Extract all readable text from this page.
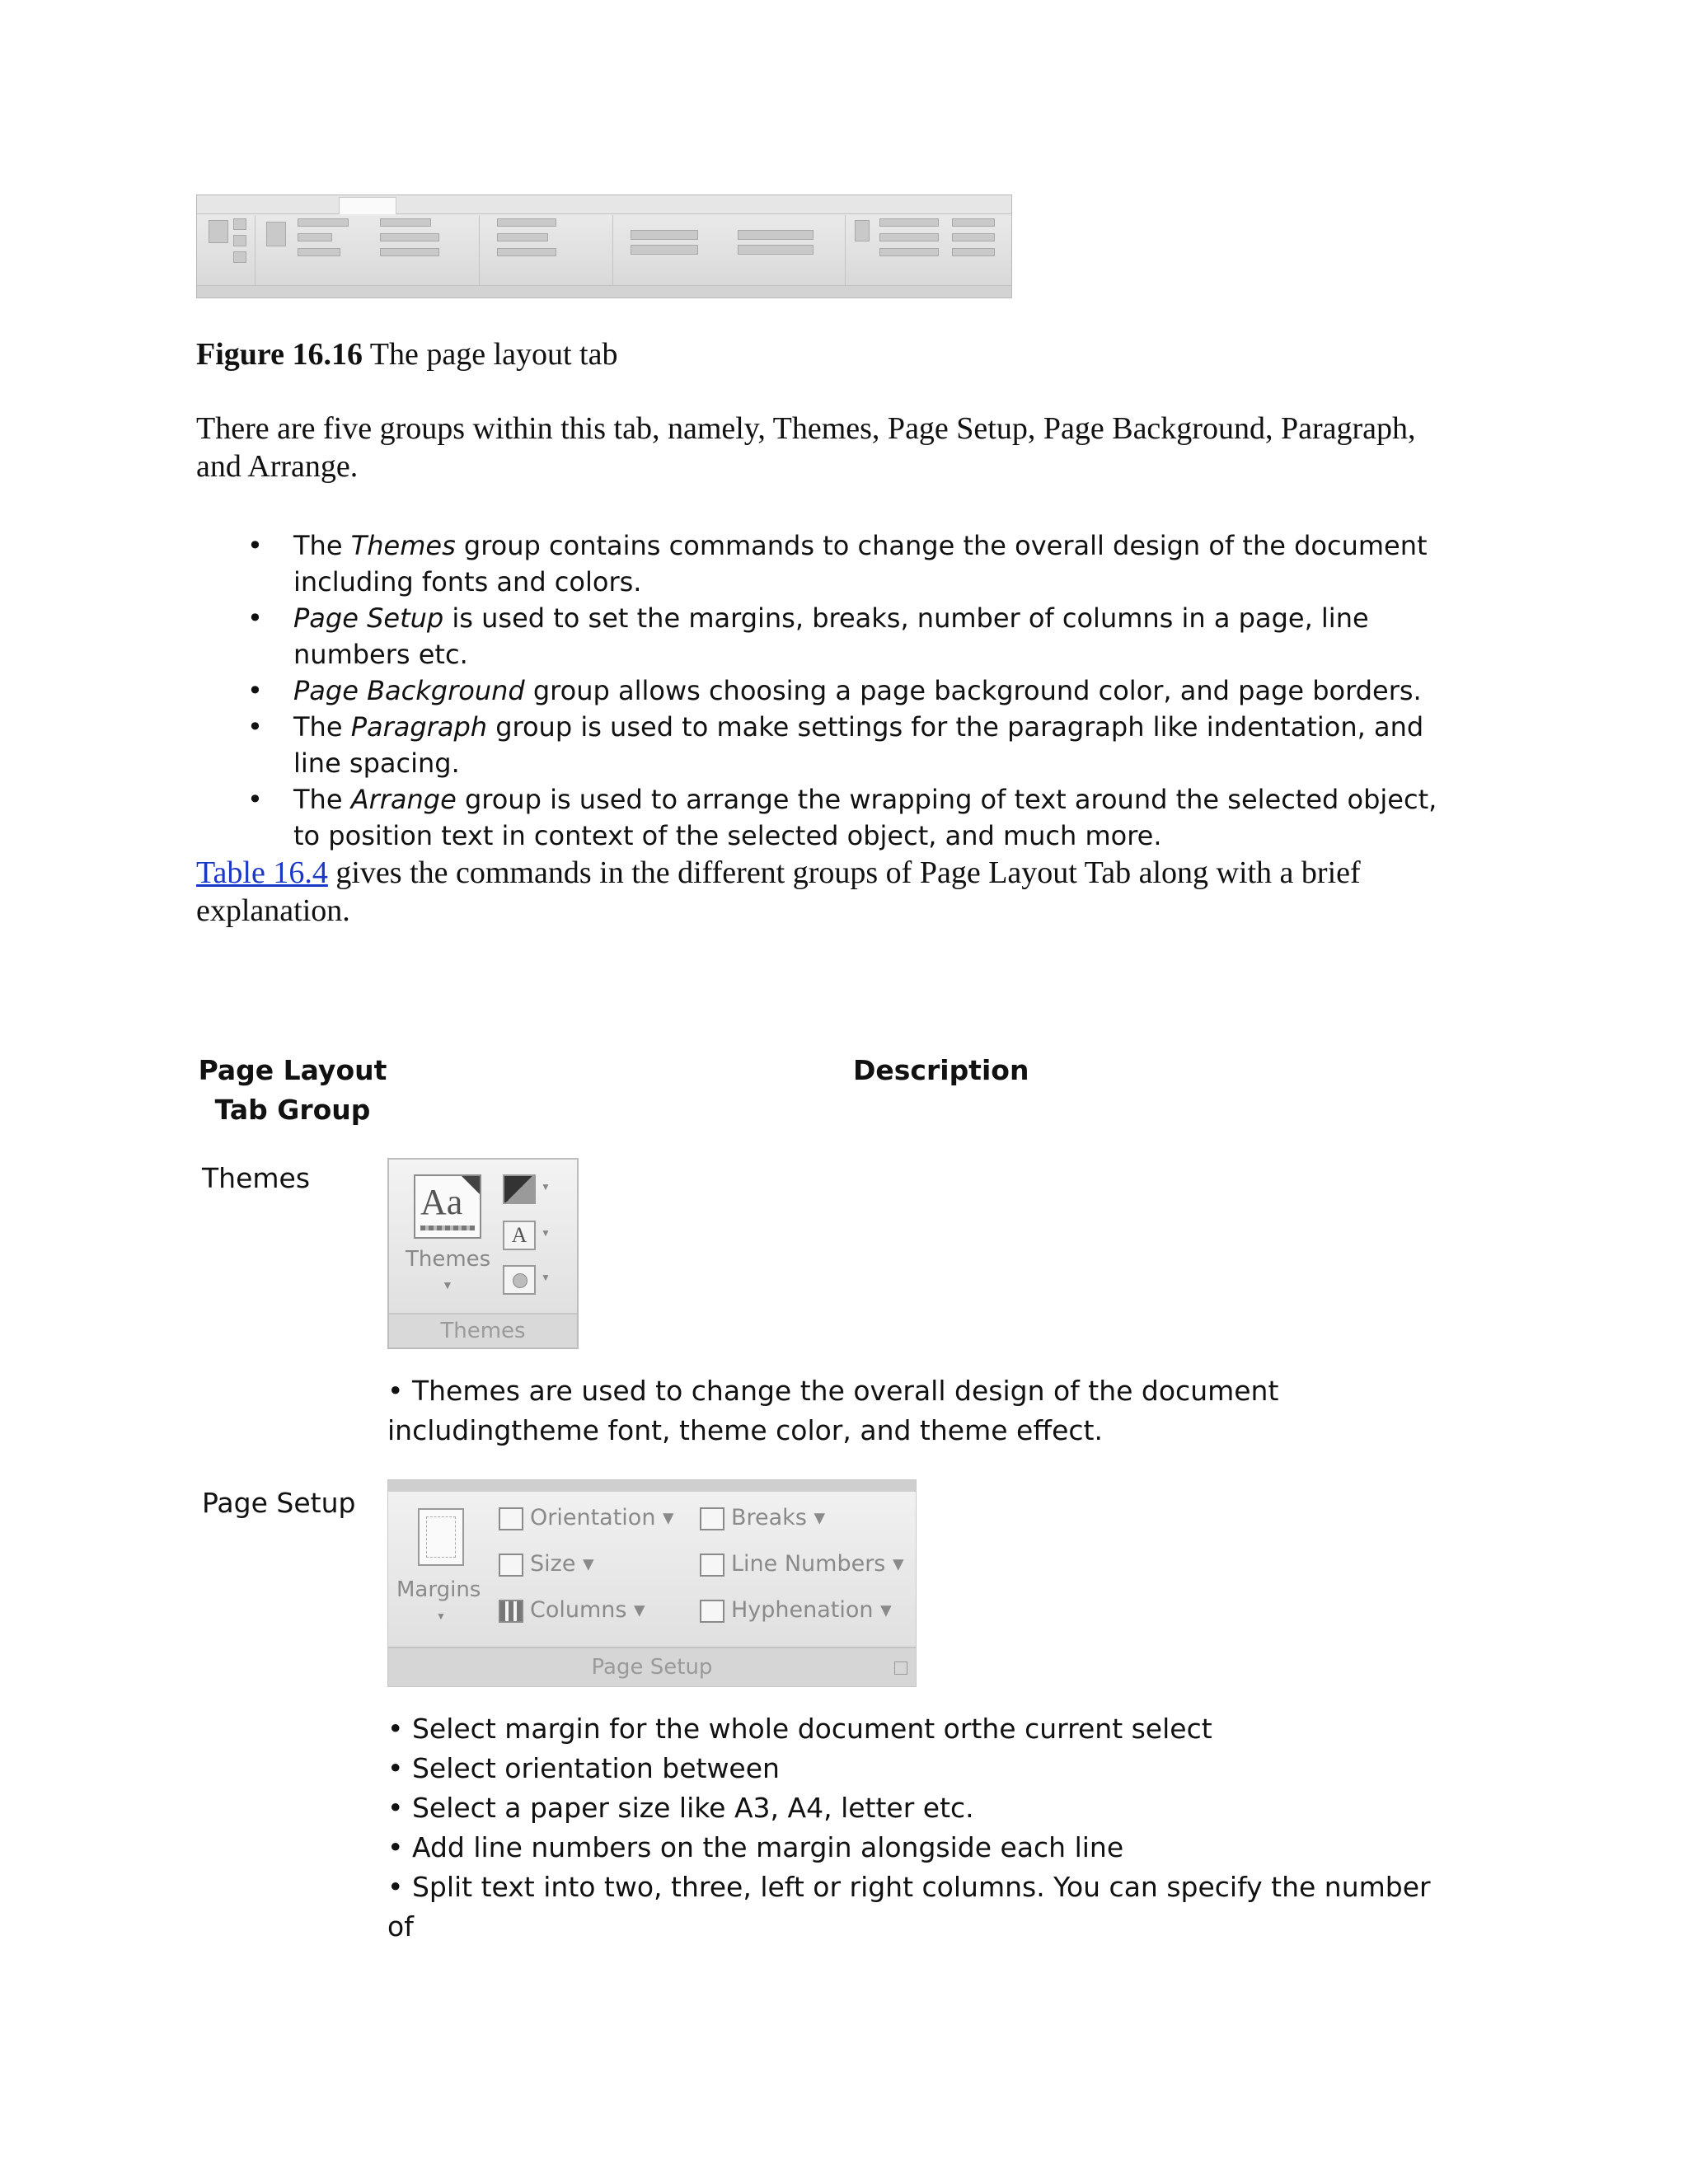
Figure 16.16 The page layout tab
There are five groups within this tab, namely, Themes, Page Setup, Page Background, Paragraph, and Arrange.
• The Themes group contains commands to change the overall design of the document including fonts and colors.
• Page Setup is used to set the margins, breaks, number of columns in a page, line numbers etc.
• Page Background group allows choosing a page background color, and page borders.
• The Paragraph group is used to make settings for the paragraph like indentation, and line spacing.
• The Arrange group is used to arrange the wrapping of text around the selected object, to position text in context of the selected object, and much more.
Table 16.4 gives the commands in the different groups of Page Layout Tab along with a brief explanation.
Page Layout
Tab Group
Description
Themes
Aa
Themes
▼
▼
A	▼
▼
Themes
• Themes are used to change the overall design of the document includingtheme font, theme color, and theme effect.
Page Setup
Margins
▼
Orientation ▾
Size ▾
Columns ▾
Breaks ▾
Line Numbers ▾
Hyphenation ▾
Page Setup
• Select margin for the whole document orthe current select
• Select orientation between
• Select a paper size like A3, A4, letter etc.
• Add line numbers on the margin alongside each line
• Split text into two, three, left or right columns. You can specify the number of
